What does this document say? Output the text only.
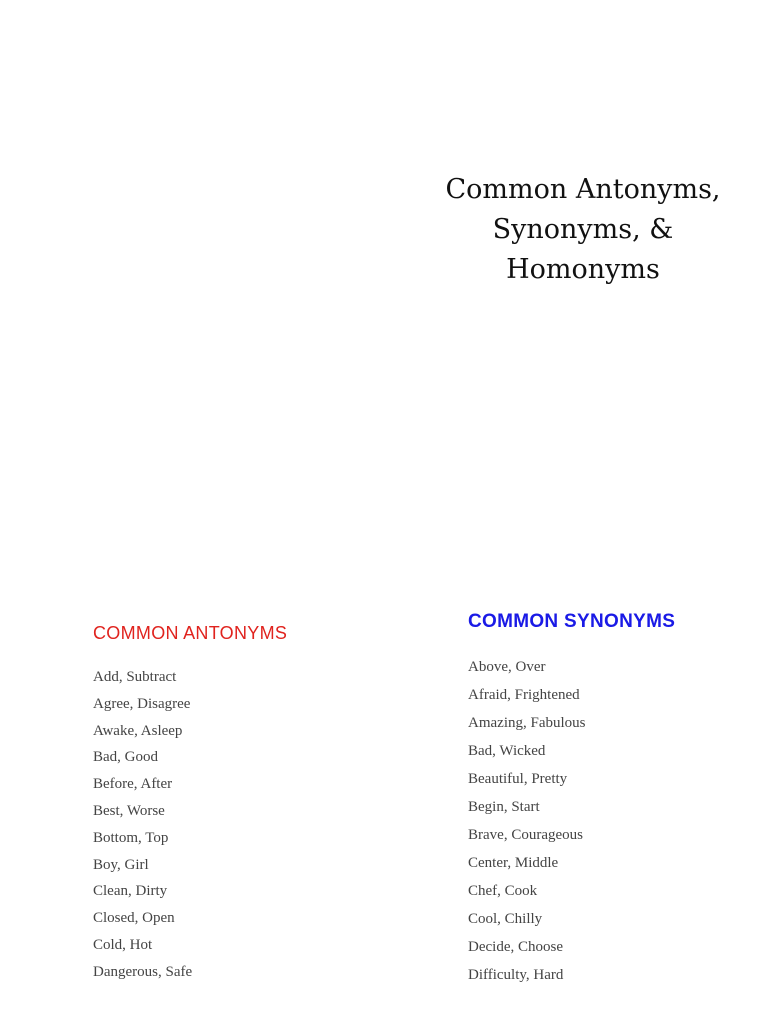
Common Antonyms,
Synonyms, &
Homonyms
COMMON ANTONYMS
Add, Subtract
Agree, Disagree
Awake, Asleep
Bad, Good
Before, After
Best, Worse
Bottom, Top
Boy, Girl
Clean, Dirty
Closed, Open
Cold, Hot
Dangerous, Safe
COMMON SYNONYMS
Above, Over
Afraid, Frightened
Amazing, Fabulous
Bad, Wicked
Beautiful, Pretty
Begin, Start
Brave, Courageous
Center, Middle
Chef, Cook
Cool, Chilly
Decide, Choose
Difficulty, Hard
